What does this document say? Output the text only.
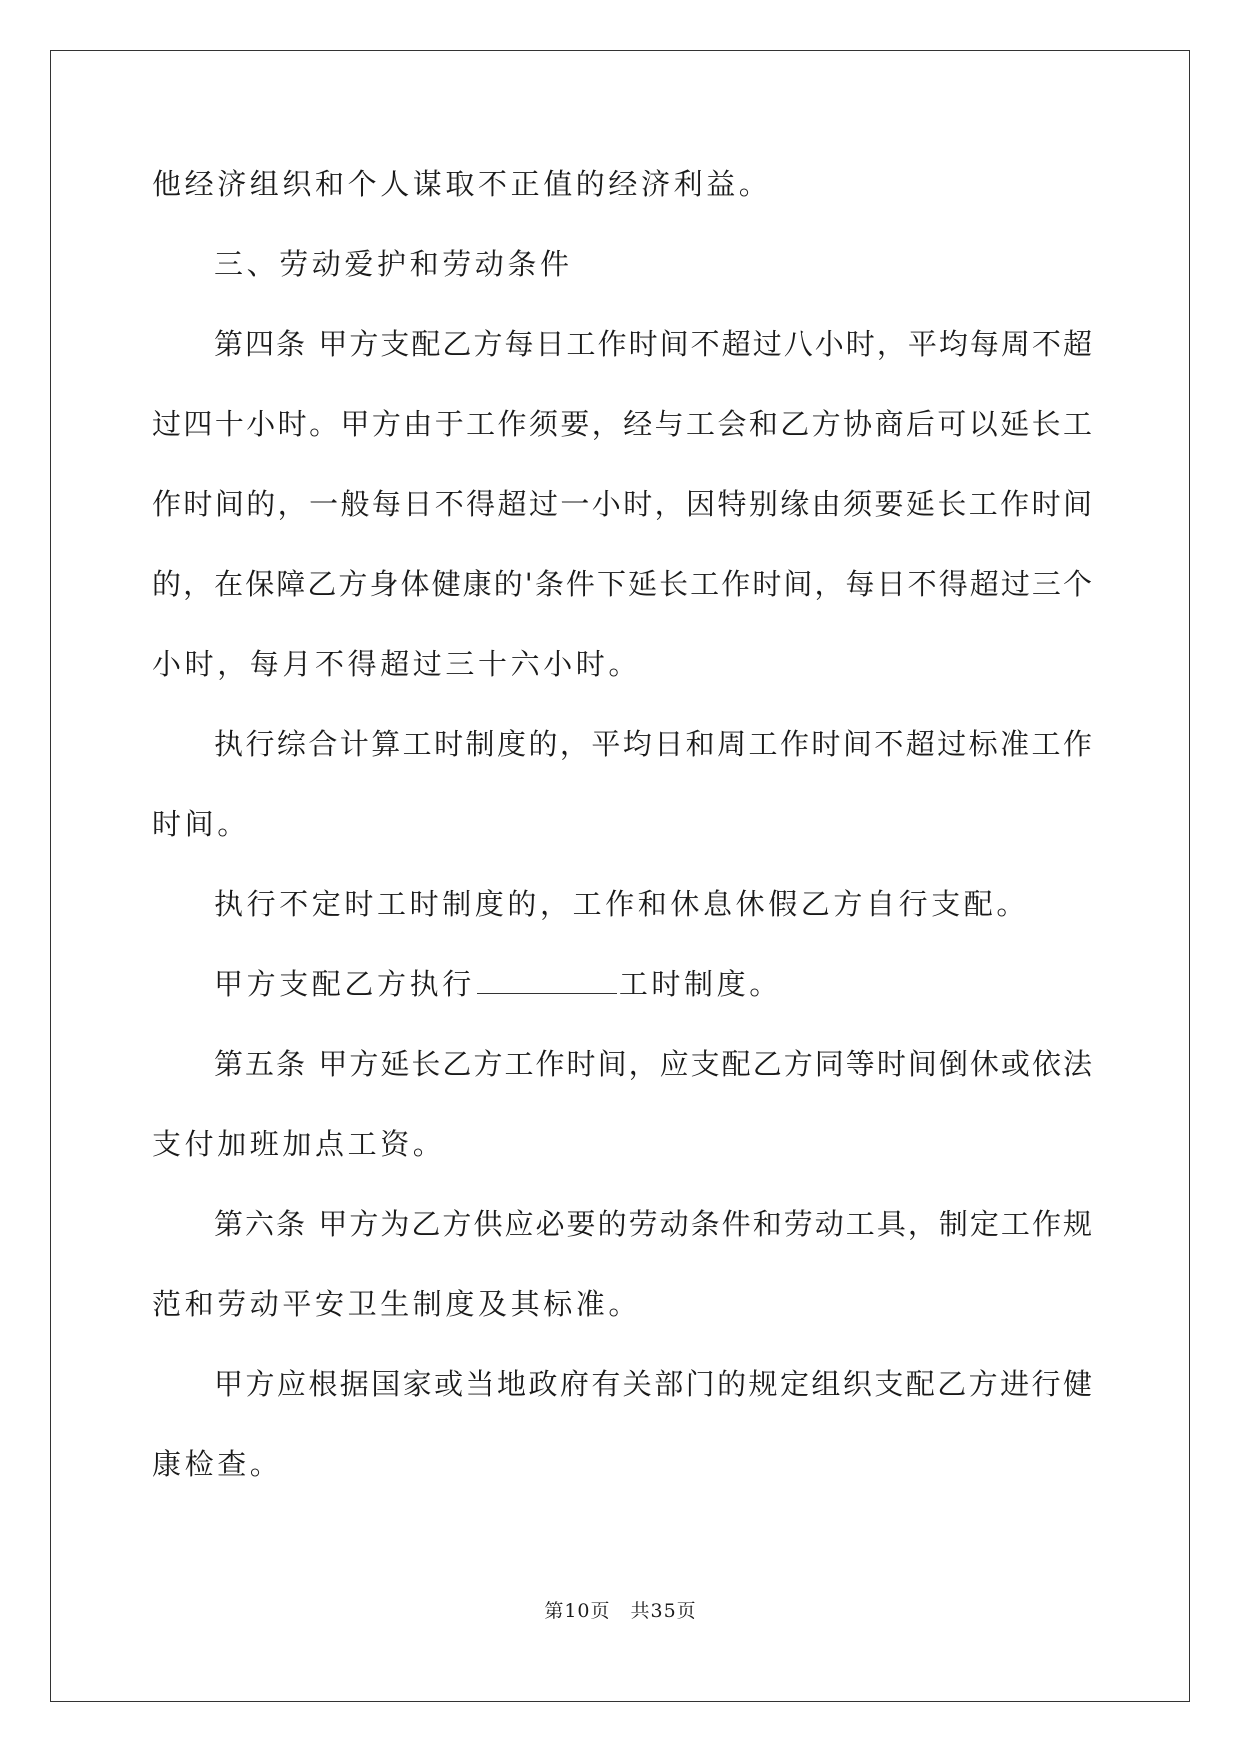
他经济组织和个人谋取不正值的经济利益。
三、劳动爱护和劳动条件
第四条 甲方支配乙方每日工作时间不超过八小时，平均每周不超
过四十小时。甲方由于工作须要，经与工会和乙方协商后可以延长工
作时间的，一般每日不得超过一小时，因特别缘由须要延长工作时间
的，在保障乙方身体健康的'条件下延长工作时间，每日不得超过三个
小时，每月不得超过三十六小时。
执行综合计算工时制度的，平均日和周工作时间不超过标准工作
时间。
执行不定时工时制度的，工作和休息休假乙方自行支配。
甲方支配乙方执行	工时制度。
第五条 甲方延长乙方工作时间，应支配乙方同等时间倒休或依法
支付加班加点工资。
第六条 甲方为乙方供应必要的劳动条件和劳动工具，制定工作规
范和劳动平安卫生制度及其标准。
甲方应根据国家或当地政府有关部门的规定组织支配乙方进行健
康检查。
第10页　共35页
